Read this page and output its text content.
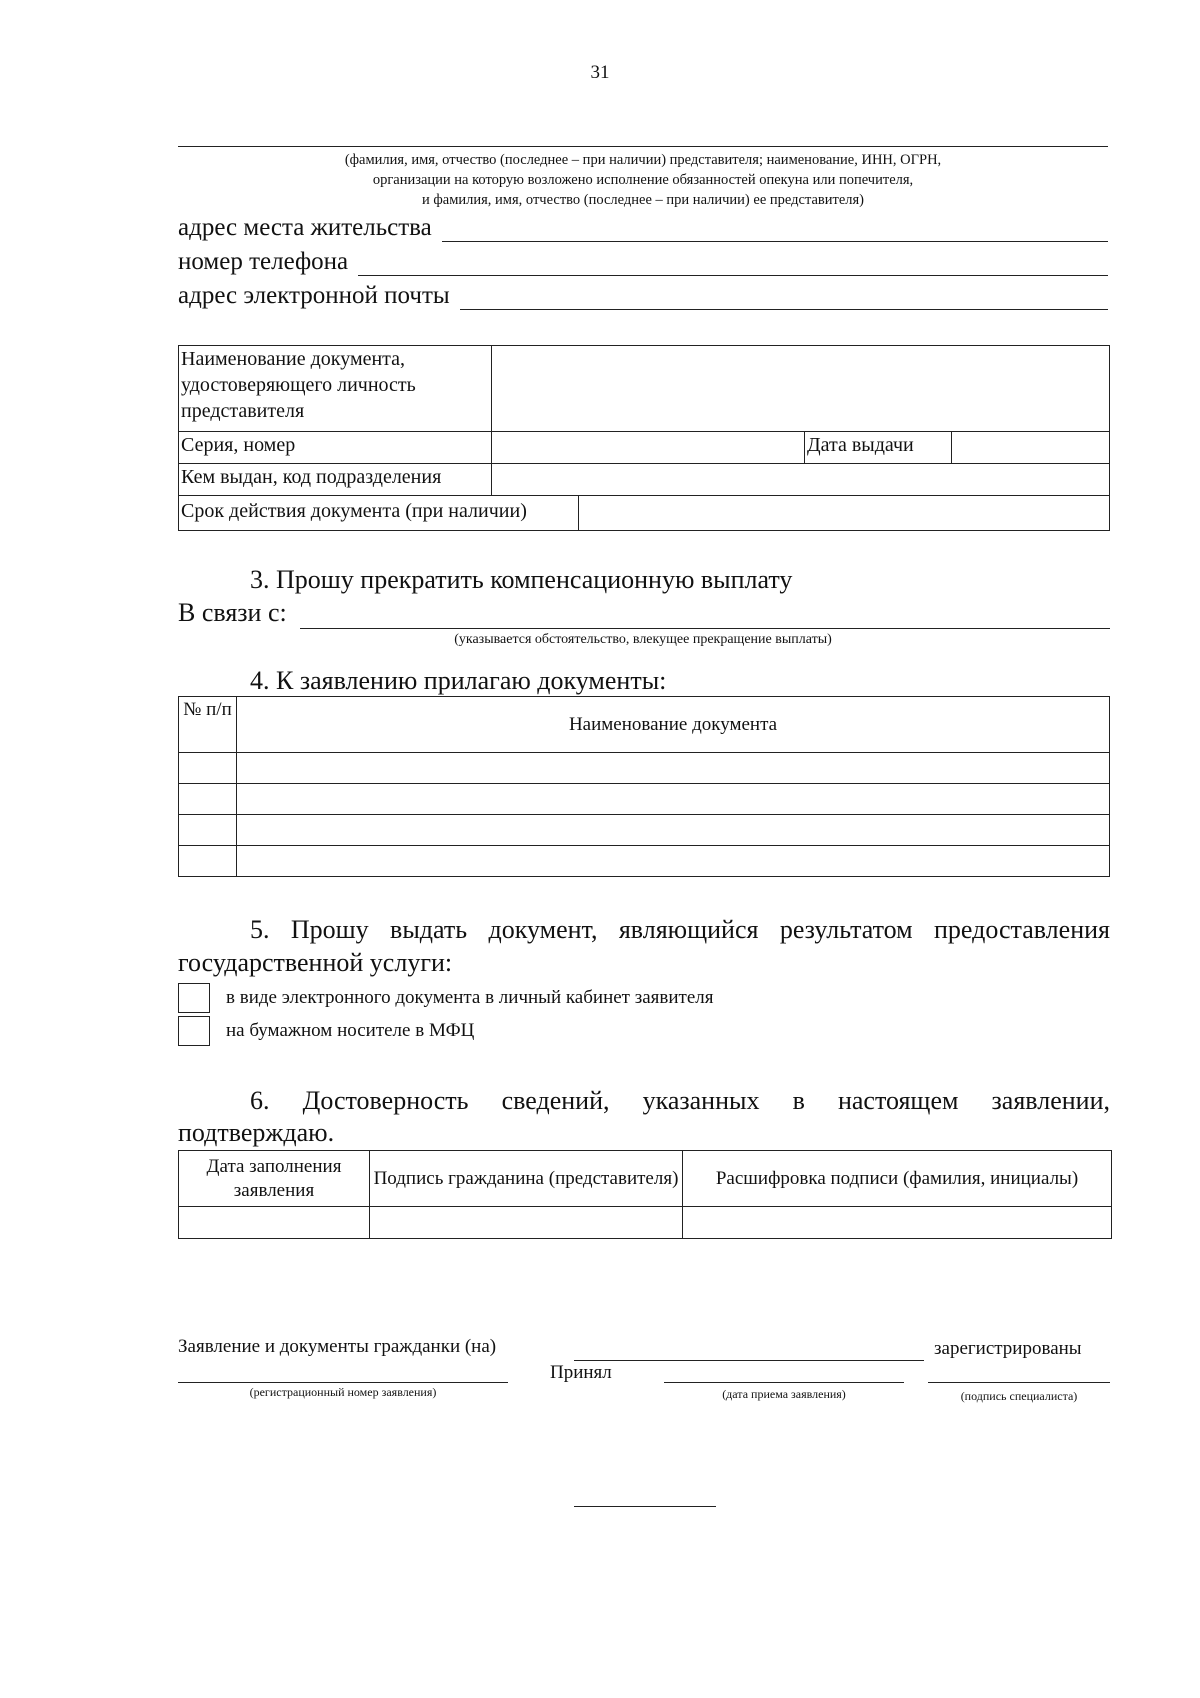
31
(фамилия, имя, отчество (последнее – при наличии) представителя; наименование, ИНН, ОГРН,
организации на которую возложено исполнение обязанностей опекуна или попечителя,
и фамилия, имя, отчество (последнее – при наличии) ее представителя)
адрес места жительства
номер телефона
адрес электронной почты
Наименование документа, удостоверяющего личность представителя			
Серия, номер		Дата выдачи	
Кем выдан, код подразделения			

Срок действия документа (при наличии)			
3. Прошу прекратить компенсационную выплату
В связи с:
(указывается обстоятельство, влекущее прекращение выплаты)
4. К заявлению прилагаю документы:
№ п/п	Наименование документа

5. Прошу выдать документ, являющийся результатом предоставления
государственной услуги:
в виде электронного документа в личный кабинет заявителя
на бумажном носителе в МФЦ
6. Достоверность сведений, указанных в настоящем заявлении,
подтверждаю.
Дата заполнения заявления	Подпись гражданина (представителя)	Расшифровка подписи (фамилия, инициалы)

Заявление и документы гражданки (на)	зарегистрированы
Принял
(регистрационный номер заявления)	(дата приема заявления)	(подпись специалиста)
